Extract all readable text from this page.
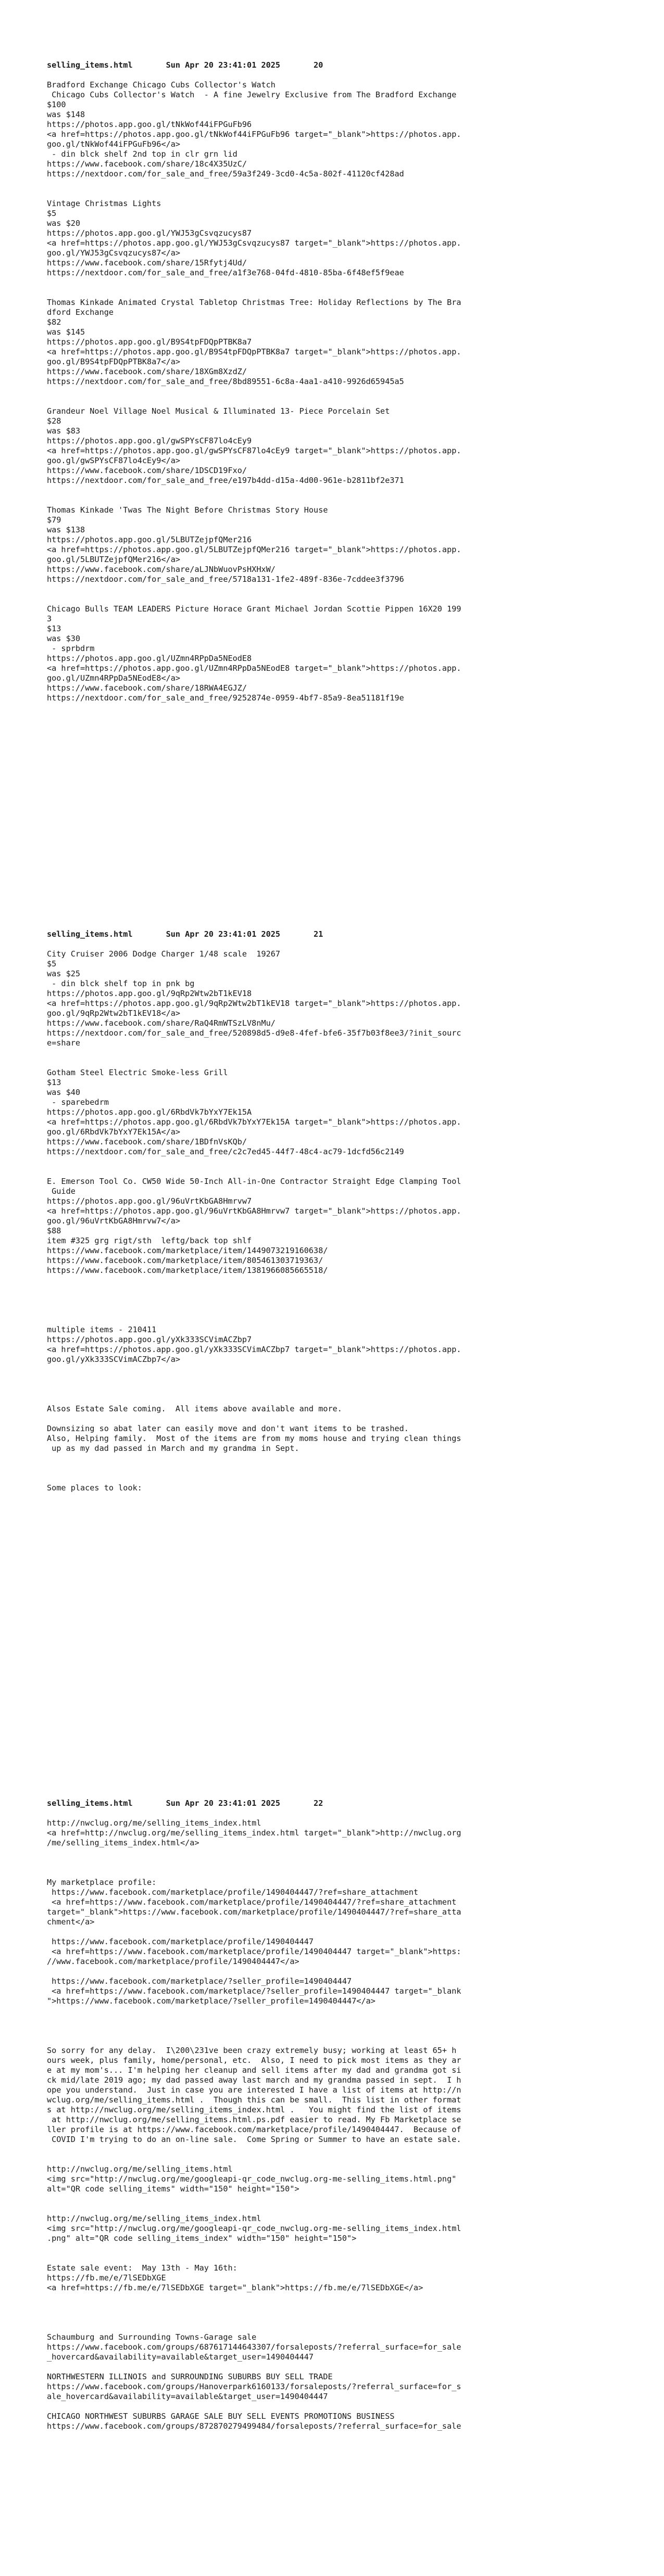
selling_items.html	Sun Apr 20 23:41:01 2025	20
Bradford Exchange Chicago Cubs Collector's Watch
Chicago Cubs Collector's Watch  - A fine Jewelry Exclusive from The Bradford Exchange
$100
was $148
https://photos.app.goo.gl/tNkWof44iFPGuFb96
<a href=https://photos.app.goo.gl/tNkWof44iFPGuFb96 target="_blank">https://photos.app.
goo.gl/tNkWof44iFPGuFb96</a>
- din blck shelf 2nd top in clr grn lid
https://www.facebook.com/share/18c4X35UzC/
https://nextdoor.com/for_sale_and_free/59a3f249-3cd0-4c5a-802f-41120cf428ad
Vintage Christmas Lights
$5
was $20
https://photos.app.goo.gl/YWJ53gCsvqzucys87
<a href=https://photos.app.goo.gl/YWJ53gCsvqzucys87 target="_blank">https://photos.app.
goo.gl/YWJ53gCsvqzucys87</a>
https://www.facebook.com/share/15Rfytj4Ud/
https://nextdoor.com/for_sale_and_free/a1f3e768-04fd-4810-85ba-6f48ef5f9eae
Thomas Kinkade Animated Crystal Tabletop Christmas Tree: Holiday Reflections by The Bra
dford Exchange
$82
was $145
https://photos.app.goo.gl/B9S4tpFDQpPTBK8a7
<a href=https://photos.app.goo.gl/B9S4tpFDQpPTBK8a7 target="_blank">https://photos.app.
goo.gl/B9S4tpFDQpPTBK8a7</a>
https://www.facebook.com/share/18XGm8XzdZ/
https://nextdoor.com/for_sale_and_free/8bd89551-6c8a-4aa1-a410-9926d65945a5
Grandeur Noel Village Noel Musical & Illuminated 13- Piece Porcelain Set
$28
was $83
https://photos.app.goo.gl/gwSPYsCF87lo4cEy9
<a href=https://photos.app.goo.gl/gwSPYsCF87lo4cEy9 target="_blank">https://photos.app.
goo.gl/gwSPYsCF87lo4cEy9</a>
https://www.facebook.com/share/1DSCD19Fxo/
https://nextdoor.com/for_sale_and_free/e197b4dd-d15a-4d00-961e-b2811bf2e371
Thomas Kinkade 'Twas The Night Before Christmas Story House
$79
was $138
https://photos.app.goo.gl/5LBUTZejpfQMer216
<a href=https://photos.app.goo.gl/5LBUTZejpfQMer216 target="_blank">https://photos.app.
goo.gl/5LBUTZejpfQMer216</a>
https://www.facebook.com/share/aLJNbWuovPsHXHxW/
https://nextdoor.com/for_sale_and_free/5718a131-1fe2-489f-836e-7cddee3f3796
Chicago Bulls TEAM LEADERS Picture Horace Grant Michael Jordan Scottie Pippen 16X20 199
3
$13
was $30
- sprbdrm
https://photos.app.goo.gl/UZmn4RPpDa5NEodE8
<a href=https://photos.app.goo.gl/UZmn4RPpDa5NEodE8 target="_blank">https://photos.app.
goo.gl/UZmn4RPpDa5NEodE8</a>
https://www.facebook.com/share/18RWA4EGJZ/
https://nextdoor.com/for_sale_and_free/9252874e-0959-4bf7-85a9-8ea51181f19e
selling_items.html	Sun Apr 20 23:41:01 2025	21
City Cruiser 2006 Dodge Charger 1/48 scale  19267
$5
was $25
- din blck shelf top in pnk bg
https://photos.app.goo.gl/9qRp2Wtw2bT1kEV18
<a href=https://photos.app.goo.gl/9qRp2Wtw2bT1kEV18 target="_blank">https://photos.app.
goo.gl/9qRp2Wtw2bT1kEV18</a>
https://www.facebook.com/share/RaQ4RmWTSzLV8nMu/
https://nextdoor.com/for_sale_and_free/520898d5-d9e8-4fef-bfe6-35f7b03f8ee3/?init_sourc
e=share
Gotham Steel Electric Smoke-less Grill
$13
was $40
- sparebedrm
https://photos.app.goo.gl/6RbdVk7bYxY7Ek15A
<a href=https://photos.app.goo.gl/6RbdVk7bYxY7Ek15A target="_blank">https://photos.app.
goo.gl/6RbdVk7bYxY7Ek15A</a>
https://www.facebook.com/share/1BDfnVsKQb/
https://nextdoor.com/for_sale_and_free/c2c7ed45-44f7-48c4-ac79-1dcfd56c2149
E. Emerson Tool Co. CW50 Wide 50-Inch All-in-One Contractor Straight Edge Clamping Tool
Guide
https://photos.app.goo.gl/96uVrtKbGA8Hmrvw7
<a href=https://photos.app.goo.gl/96uVrtKbGA8Hmrvw7 target="_blank">https://photos.app.
goo.gl/96uVrtKbGA8Hmrvw7</a>
$88
item #325 grg rigt/sth  leftg/back top shlf
https://www.facebook.com/marketplace/item/1449073219160638/
https://www.facebook.com/marketplace/item/805461303719363/
https://www.facebook.com/marketplace/item/1381966085665518/
multiple items - 210411
https://photos.app.goo.gl/yXk333SCVimACZbp7
<a href=https://photos.app.goo.gl/yXk333SCVimACZbp7 target="_blank">https://photos.app.
goo.gl/yXk333SCVimACZbp7</a>
Alsos Estate Sale coming.  All items above available and more.
Downsizing so abat later can easily move and don't want items to be trashed.
Also, Helping family.  Most of the items are from my moms house and trying clean things
up as my dad passed in March and my grandma in Sept.
Some places to look:
selling_items.html	Sun Apr 20 23:41:01 2025	22
http://nwclug.org/me/selling_items_index.html
<a href=http://nwclug.org/me/selling_items_index.html target="_blank">http://nwclug.org
/me/selling_items_index.html</a>
My marketplace profile:
https://www.facebook.com/marketplace/profile/1490404447/?ref=share_attachment
<a href=https://www.facebook.com/marketplace/profile/1490404447/?ref=share_attachment
target="_blank">https://www.facebook.com/marketplace/profile/1490404447/?ref=share_atta
chment</a>
https://www.facebook.com/marketplace/profile/1490404447
<a href=https://www.facebook.com/marketplace/profile/1490404447 target="_blank">https:
//www.facebook.com/marketplace/profile/1490404447</a>
https://www.facebook.com/marketplace/?seller_profile=1490404447
<a href=https://www.facebook.com/marketplace/?seller_profile=1490404447 target="_blank
">https://www.facebook.com/marketplace/?seller_profile=1490404447</a>
So sorry for any delay.  I\200\231ve been crazy extremely busy; working at least 65+ h
ours week, plus family, home/personal, etc.  Also, I need to pick most items as they ar
e at my mom's... I'm helping her cleanup and sell items after my dad and grandma got si
ck mid/late 2019 ago; my dad passed away last march and my grandma passed in sept.  I h
ope you understand.  Just in case you are interested I have a list of items at http://n
wclug.org/me/selling_items.html .  Though this can be small.  This list in other format
s at http://nwclug.org/me/selling_items_index.html .   You might find the list of items
at http://nwclug.org/me/selling_items.html.ps.pdf easier to read. My Fb Marketplace se
ller profile is at https://www.facebook.com/marketplace/profile/1490404447.  Because of
COVID I'm trying to do an on-line sale.  Come Spring or Summer to have an estate sale.
http://nwclug.org/me/selling_items.html
<img src="http://nwclug.org/me/googleapi-qr_code_nwclug.org-me-selling_items.html.png"
alt="QR code selling_items" width="150" height="150">
http://nwclug.org/me/selling_items_index.html
<img src="http://nwclug.org/me/googleapi-qr_code_nwclug.org-me-selling_items_index.html
.png" alt="QR code selling_items_index" width="150" height="150">
Estate sale event:  May 13th - May 16th:
https://fb.me/e/7lSEDbXGE
<a href=https://fb.me/e/7lSEDbXGE target="_blank">https://fb.me/e/7lSEDbXGE</a>
Schaumburg and Surrounding Towns-Garage sale
https://www.facebook.com/groups/687617144643307/forsaleposts/?referral_surface=for_sale
_hovercard&availability=available&target_user=1490404447
NORTHWESTERN ILLINOIS and SURROUNDING SUBURBS BUY SELL TRADE
https://www.facebook.com/groups/Hanoverpark6160133/forsaleposts/?referral_surface=for_s
ale_hovercard&availability=available&target_user=1490404447
CHICAGO NORTHWEST SUBURBS GARAGE SALE BUY SELL EVENTS PROMOTIONS BUSINESS
https://www.facebook.com/groups/872870279499484/forsaleposts/?referral_surface=for_sale
